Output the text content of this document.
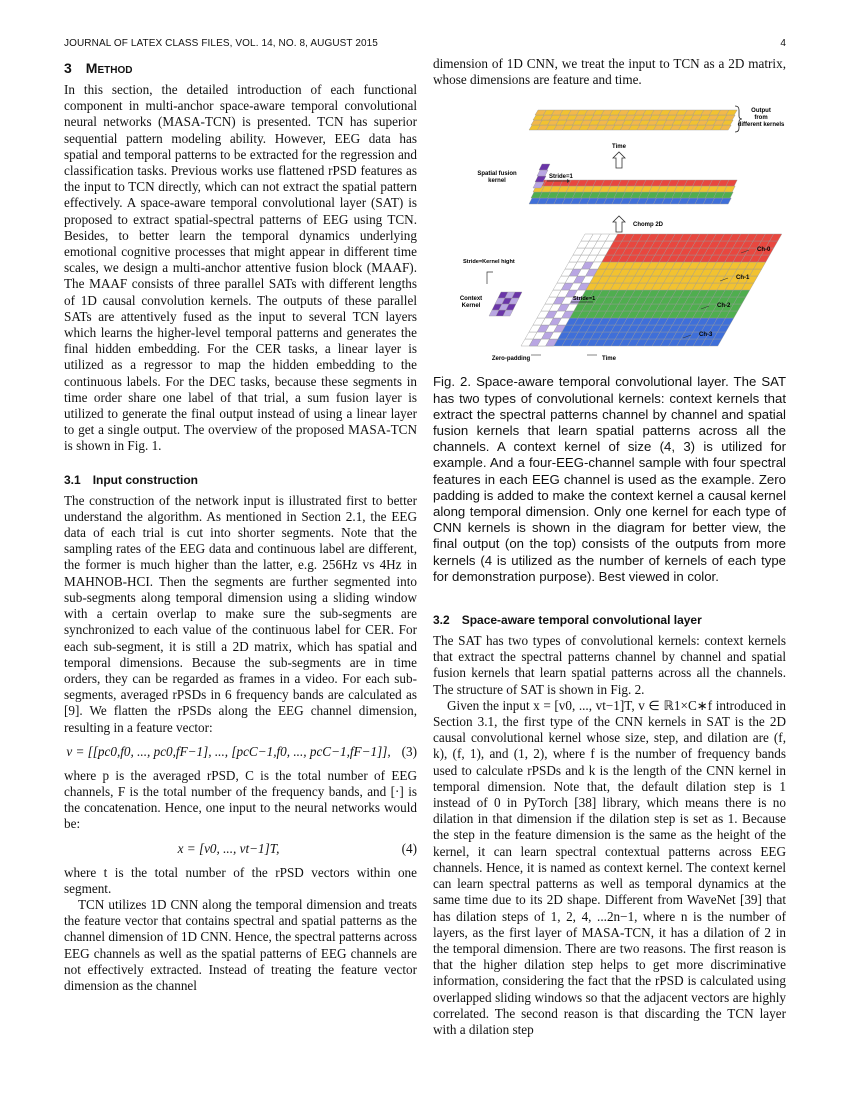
JOURNAL OF LATEX CLASS FILES, VOL. 14, NO. 8, AUGUST 2015	4
3 Method

In this section, the detailed introduction of each functional component in multi-anchor space-aware temporal convolutional neural networks (MASA-TCN) is presented. TCN has superior sequential pattern modeling ability. However, EEG data has spatial and temporal patterns to be extracted for the regression and classification tasks. Previous works use flattened rPSD features as the input to TCN directly, which can not extract the spatial pattern effectively. A space-aware temporal convolutional layer (SAT) is proposed to extract spatial-spectral patterns of EEG using TCN. Besides, to better learn the temporal dynamics underlying emotional cognitive processes that might appear in different time scales, we design a multi-anchor attentive fusion block (MAAF). The MAAF consists of three parallel SATs with different lengths of 1D causal convolution kernels. The outputs of these parallel SATs are attentively fused as the input to several TCN layers which learns the higher-level temporal patterns and generates the final hidden embedding. For the CER tasks, a linear layer is utilized as a regressor to map the hidden embedding to the continuous labels. For the DEC tasks, because these segments in time order share one label of that trial, a sum fusion layer is utilized to generate the final output instead of using a linear layer to get a single output. The overview of the proposed MASA-TCN is shown in Fig. 1.

3.1 Input construction

The construction of the network input is illustrated first to better understand the algorithm. As mentioned in Section 2.1, the EEG data of each trial is cut into shorter segments. Note that the sampling rates of the EEG data and continuous label are different, the former is much higher than the latter, e.g. 256Hz vs 4Hz in MAHNOB-HCI. Then the segments are further segmented into sub-segments along temporal dimension using a sliding window with a certain overlap to make sure the sub-segments are synchronized to each value of the continuous label for CER. For each sub-segment, it is still a 2D matrix, which has spatial and temporal dimensions. Because the sub-segments are in time orders, they can be regarded as frames in a video. For each sub-segments, averaged rPSDs in 6 frequency bands are calculated as [9]. We flatten the rPSDs along the EEG channel dimension, resulting in a feature vector:

v = [[pc0,f0, ..., pc0,fF−1], ..., [pcC−1,f0, ..., pcC−1,fF−1]], (3)

where p is the averaged rPSD, C is the total number of EEG channels, F is the total number of the frequency bands, and [·] is the concatenation. Hence, one input to the neural networks would be:

x = [v0, ..., vt−1]T,	(4)

where t is the total number of the rPSD vectors within one segment.

TCN utilizes 1D CNN along the temporal dimension and treats the feature vector that contains spectral and spatial patterns as the channel dimension of 1D CNN. Hence, the spectral patterns across EEG channels as well as the spatial patterns of EEG channels are not effectively extracted. Instead of treating the feature vector dimension as the channel

dimension of 1D CNN, we treat the input to TCN as a 2D matrix, whose dimensions are feature and time.

Output
from
different kernels
Time
Spatial fusion
kernel
Stride=1
Chomp 2D
Stride=Kernel hight
Context
Kernel
Stride=1
Ch-0
Ch-1
Ch-2
Ch-3
Zero-padding	Time

Fig. 2. Space-aware temporal convolutional layer. The SAT has two types of convolutional kernels: context kernels that extract the spectral patterns channel by channel and spatial fusion kernels that learn spatial patterns across all the channels. A context kernel of size (4, 3) is utilized for example. And a four-EEG-channel sample with four spectral features in each EEG channel is used as the example. Zero padding is added to make the context kernel a causal kernel along temporal dimension. Only one kernel for each type of CNN kernels is shown in the diagram for better view, the final output (on the top) consists of the outputs from more kernels (4 is utilized as the number of kernels of each type for demonstration purpose). Best viewed in color.

3.2 Space-aware temporal convolutional layer

The SAT has two types of convolutional kernels: context kernels that extract the spectral patterns channel by channel and spatial fusion kernels that learn spatial patterns across all the channels. The structure of SAT is shown in Fig. 2.

Given the input x = [v0, ..., vt−1]T, v ∈ ℝ1×C∗f introduced in Section 3.1, the first type of the CNN kernels in SAT is the 2D causal convolutional kernel whose size, step, and dilation are (f, k), (f, 1), and (1, 2), where f is the number of frequency bands used to calculate rPSDs and k is the length of the CNN kernel in temporal dimension. Note that, the default dilation step is 1 instead of 0 in PyTorch [38] library, which means there is no dilation in that dimension if the dilation step is set as 1. Because the step in the feature dimension is the same as the height of the kernel, it can learn spectral contextual patterns across EEG channels. Hence, it is named as context kernel. The context kernel can learn spectral patterns as well as temporal dynamics at the same time due to its 2D shape. Different from WaveNet [39] that has dilation steps of 1, 2, 4, ...2n−1, where n is the number of layers, as the first layer of MASA-TCN, it has a dilation of 2 in the temporal dimension. There are two reasons. The first reason is that the higher dilation step helps to get more discriminative information, considering the fact that the rPSD is calculated using overlapped sliding windows so that the adjacent vectors are highly correlated. The second reason is that discarding the TCN layer with a dilation step
